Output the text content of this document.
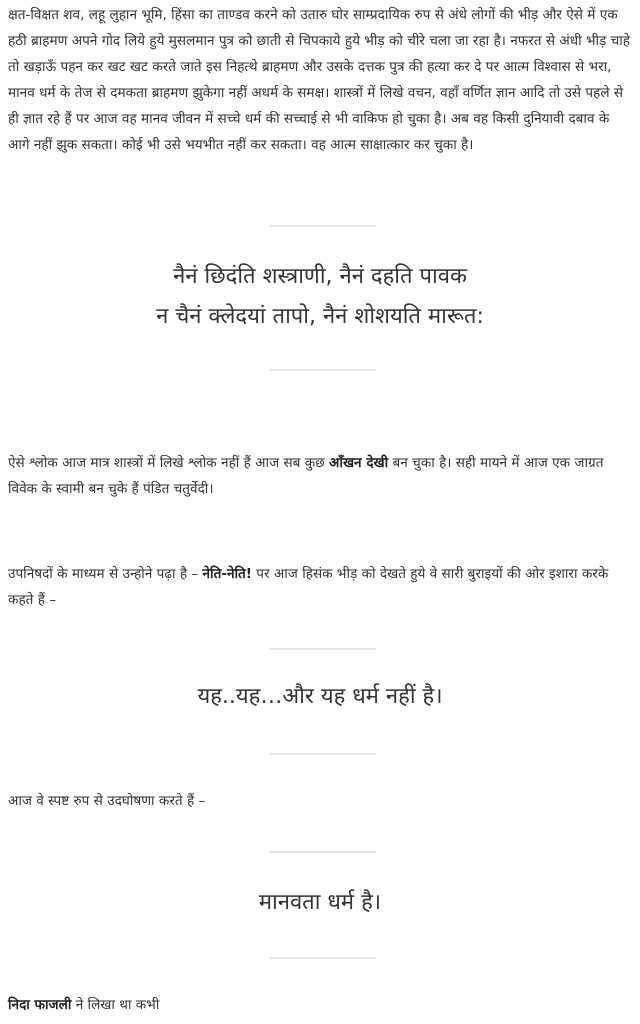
क्षत-विक्षत शव, लहू लुहान भूमि, हिंसा का ताण्डव करने को उतारु घोर साम्प्रदायिक रुप से अंधे लोगों की भीड़ और ऐसे में एक हठी ब्राहमण अपने गोद लिये हुये मुसलमान पुत्र को छाती से चिपकाये हुये भीड़ को चीरे चला जा रहा है। नफरत से अंधी भीड़ चाहे तो खड़ाऊँ पहन कर खट खट करते जाते इस निहत्थे ब्राहमण और उसके दत्तक पुत्र की हत्या कर दे पर आत्म विश्वास से भरा, मानव धर्म के तेज से दमकता ब्राहमण झुकेगा नहीं अधर्म के समक्ष। शास्त्रों में लिखे वचन, वहाँ वर्णित ज्ञान आदि तो उसे पहले से ही ज्ञात रहे हैं पर आज वह मानव जीवन में सच्चे धर्म की सच्चाई से भी वाकिफ हो चुका है। अब वह किसी दुनियावी दबाव के आगे नहीं झुक सकता। कोई भी उसे भयभीत नहीं कर सकता। वह आत्म साक्षात्कार कर चुका है।

नैनं छिदंति शस्त्राणी, नैनं दहति पावक

न चैनं क्लेदयां तापो, नैनं शोशयति मारूत:

ऐसे श्लोक आज मात्र शास्त्रों में लिखे श्लोक नहीं हैं आज सब कुछ आँखन देखी बन चुका है। सही मायने में आज एक जाग्रत विवेक के स्वामी बन चुके हैं पंडित चतुर्वेदी।

उपनिषदों के माध्यम से उन्होने पढ़ा है – नेति-नेति! पर आज हिसंक भीड़ को देखते हुये वे सारी बुराइयों की ओर इशारा करके कहते हैं –

यह..यह…और यह धर्म नहीं है।

आज वे स्पष्ट रुप से उदघोषणा करते हैं –

मानवता धर्म है।

निदा फाजली ने लिखा था कभी
